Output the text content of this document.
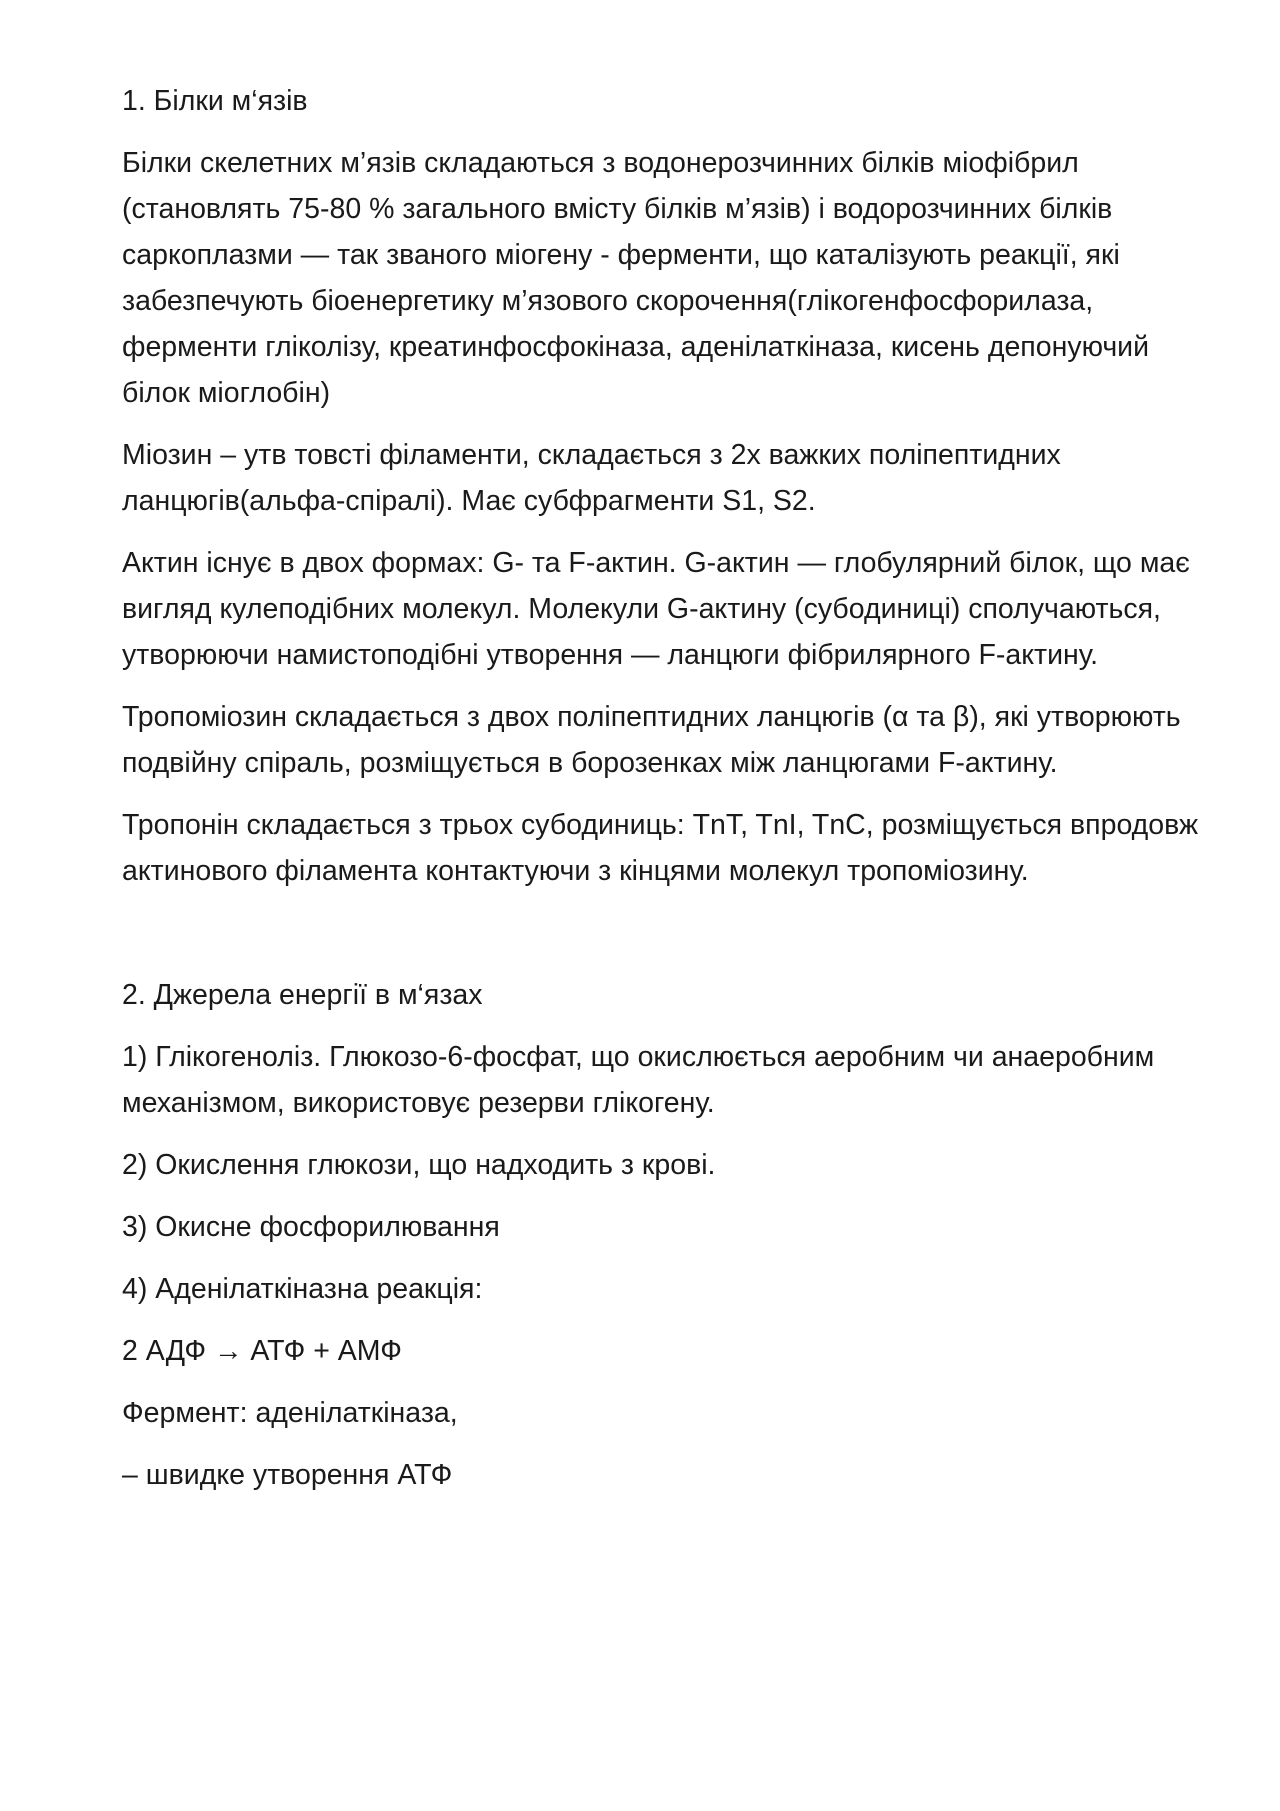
1. Білки м‘язів

Білки скелетних м’язів складаються з водонерозчинних білків міофібрил (становлять 75-80 % загального вмісту білків м’язів) і водорозчинних білків саркоплазми — так званого міогену - ферменти, що каталізують реакції, які забезпечують біоенергетику м’язового скорочення(глікогенфосфорилаза, ферменти гліколізу, креатинфосфокіназа, аденілаткіназа, кисень депонуючий білок міоглобін)

Міозин – утв товсті філаменти, складається з 2х важких поліпептидних ланцюгів(альфа-спіралі). Має субфрагменти S1, S2.

Актин існує в двох формах: G- та F-актин. G-актин — глобулярний білок, що має вигляд кулеподібних молекул. Молекули G-актину (субодиниці) сполучаються, утворюючи намистоподібні утворення — ланцюги фібрилярного F-актину.

Тропоміозин складається з двох поліпептидних ланцюгів (α та β), які утворюють подвійну спіраль, розміщується в борозенках між ланцюгами F-актину.

Тропонін складається з трьох субодиниць: TnT, TnI, TnC, розміщується впродовж актинового філамента контактуючи з кінцями молекул тропоміозину.

2. Джерела енергії в м‘язах

1) Глікогеноліз. Глюкозо-6-фосфат, що окислюється аеробним чи анаеробним механізмом, використовує резерви глікогену.

2) Окислення глюкози, що надходить з крові.

3) Окисне фосфорилювання

4) Аденілаткіназна реакція:

2 АДФ → АТФ + АМФ

Фермент: аденілаткіназа,

– швидке утворення АТФ
